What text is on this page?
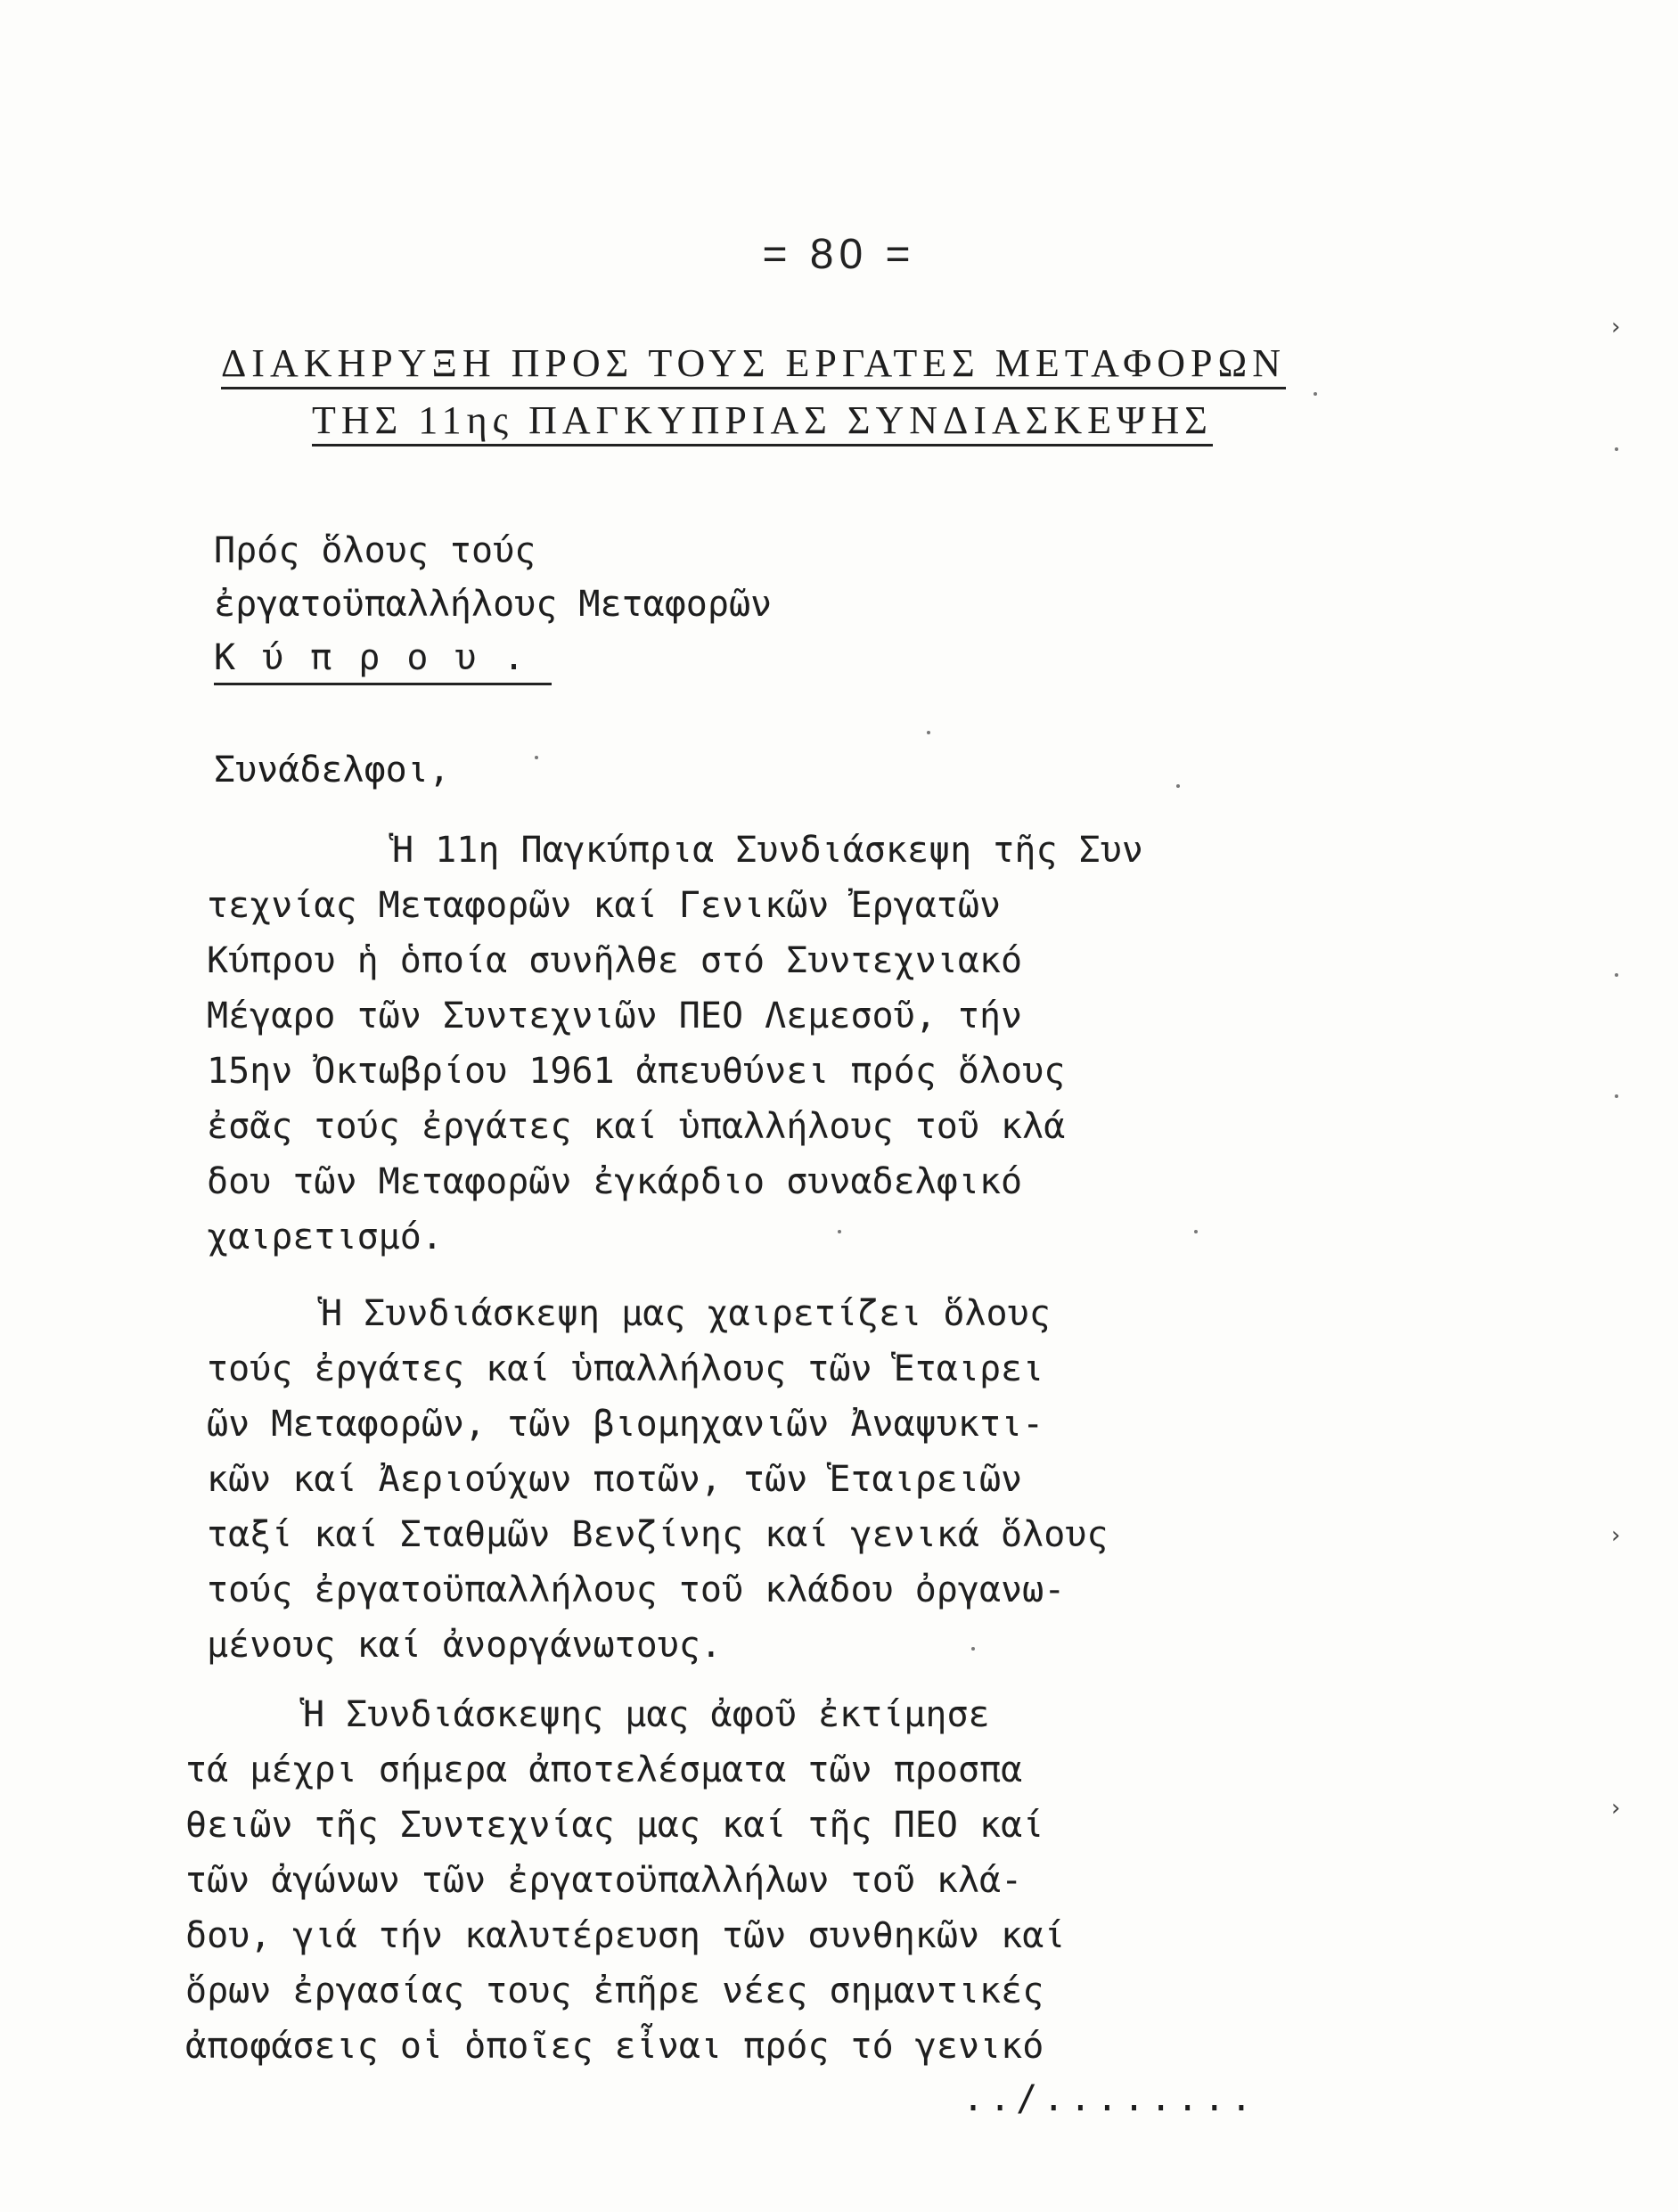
= 80 =
ΔΙΑΚΗΡΥΞΗ ΠΡΟΣ ΤΟΥΣ ΕΡΓΑΤΕΣ ΜΕΤΑΦΟΡΩΝ
ΤΗΣ 11ης ΠΑΓΚΥΠΡΙΑΣ ΣΥΝΔΙΑΣΚΕΨΗΣ
Πρός ὅλους τούς
ἐργατοϋπαλλήλους Μεταφορῶν
Κύπρου.
Συνάδελφοι,
Ἡ 11η Παγκύπρια Συνδιάσκεψη τῆς Συν
τεχνίας Μεταφορῶν καί Γενικῶν Ἐργατῶν
Κύπρου ἡ ὁποία συνῆλθε στό Συντεχνιακό
Μέγαρο τῶν Συντεχνιῶν ΠΕΟ Λεμεσοῦ, τήν
15ην Ὀκτωβρίου 1961 ἀπευθύνει πρός ὅλους
ἐσᾶς τούς ἐργάτες καί ὑπαλλήλους τοῦ κλά
δου τῶν Μεταφορῶν ἐγκάρδιο συναδελφικό
χαιρετισμό.
Ἡ Συνδιάσκεψη μας χαιρετίζει ὅλους
τούς ἐργάτες καί ὑπαλλήλους τῶν Ἑταιρει
ῶν Μεταφορῶν, τῶν βιομηχανιῶν Ἀναψυκτι-
κῶν καί Ἀεριούχων ποτῶν, τῶν Ἑταιρειῶν
ταξί καί Σταθμῶν Βενζίνης καί γενικά ὅλους
τούς ἐργατοϋπαλλήλους τοῦ κλάδου ὀργανω-
μένους καί ἀνοργάνωτους.
Ἡ Συνδιάσκεψης μας ἀφοῦ ἐκτίμησε
τά μέχρι σήμερα ἀποτελέσματα τῶν προσπα
θειῶν τῆς Συντεχνίας μας καί τῆς ΠΕΟ καί
τῶν ἀγώνων τῶν ἐργατοϋπαλλήλων τοῦ κλά-
δου, γιά τήν καλυτέρευση τῶν συνθηκῶν καί
ὅρων ἐργασίας τους ἐπῆρε νέες σημαντικές
ἀποφάσεις οἱ ὁποῖες εἶναι πρός τό γενικό
../........
›
›
›
